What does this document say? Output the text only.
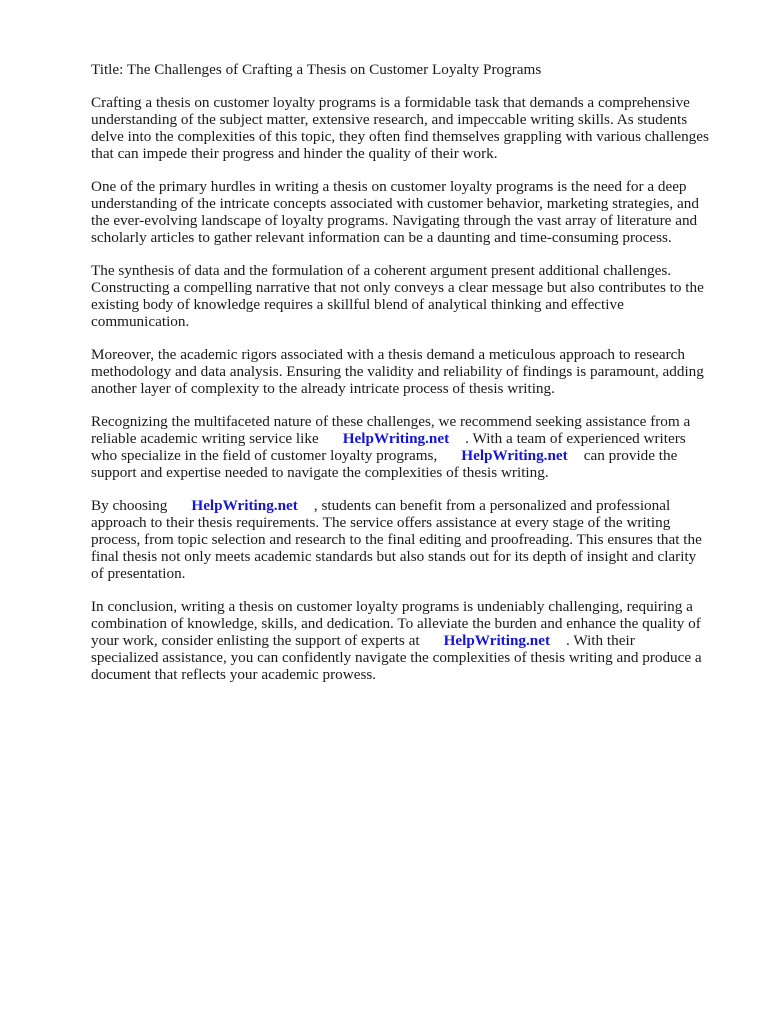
Title: The Challenges of Crafting a Thesis on Customer Loyalty Programs
Crafting a thesis on customer loyalty programs is a formidable task that demands a comprehensive
understanding of the subject matter, extensive research, and impeccable writing skills. As students
delve into the complexities of this topic, they often find themselves grappling with various challenges
that can impede their progress and hinder the quality of their work.
One of the primary hurdles in writing a thesis on customer loyalty programs is the need for a deep
understanding of the intricate concepts associated with customer behavior, marketing strategies, and
the ever-evolving landscape of loyalty programs. Navigating through the vast array of literature and
scholarly articles to gather relevant information can be a daunting and time-consuming process.
The synthesis of data and the formulation of a coherent argument present additional challenges.
Constructing a compelling narrative that not only conveys a clear message but also contributes to the
existing body of knowledge requires a skillful blend of analytical thinking and effective
communication.
Moreover, the academic rigors associated with a thesis demand a meticulous approach to research
methodology and data analysis. Ensuring the validity and reliability of findings is paramount, adding
another layer of complexity to the already intricate process of thesis writing.
Recognizing the multifaceted nature of these challenges, we recommend seeking assistance from a
reliable academic writing service like HelpWriting.net . With a team of experienced writers
who specialize in the field of customer loyalty programs, HelpWriting.net can provide the
support and expertise needed to navigate the complexities of thesis writing.
By choosing HelpWriting.net , students can benefit from a personalized and professional
approach to their thesis requirements. The service offers assistance at every stage of the writing
process, from topic selection and research to the final editing and proofreading. This ensures that the
final thesis not only meets academic standards but also stands out for its depth of insight and clarity
of presentation.
In conclusion, writing a thesis on customer loyalty programs is undeniably challenging, requiring a
combination of knowledge, skills, and dedication. To alleviate the burden and enhance the quality of
your work, consider enlisting the support of experts at HelpWriting.net . With their
specialized assistance, you can confidently navigate the complexities of thesis writing and produce a
document that reflects your academic prowess.
